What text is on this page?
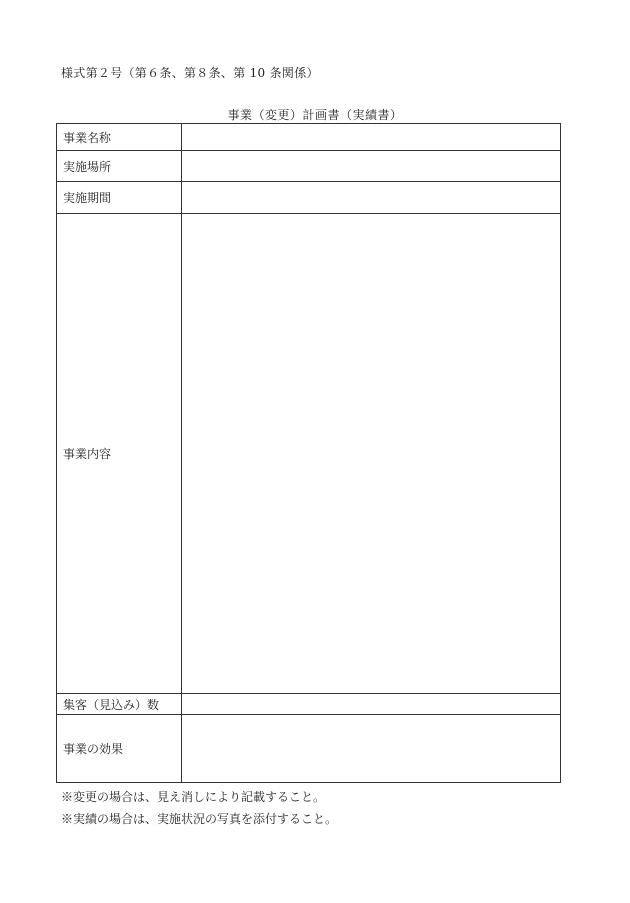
様式第２号（第６条、第８条、第 10 条関係）
事業（変更）計画書（実績書）
事業名称	
実施場所	
実施期間	
事業内容	
集客（見込み）数	
事業の効果	
※変更の場合は、見え消しにより記載すること。
※実績の場合は、実施状況の写真を添付すること。
